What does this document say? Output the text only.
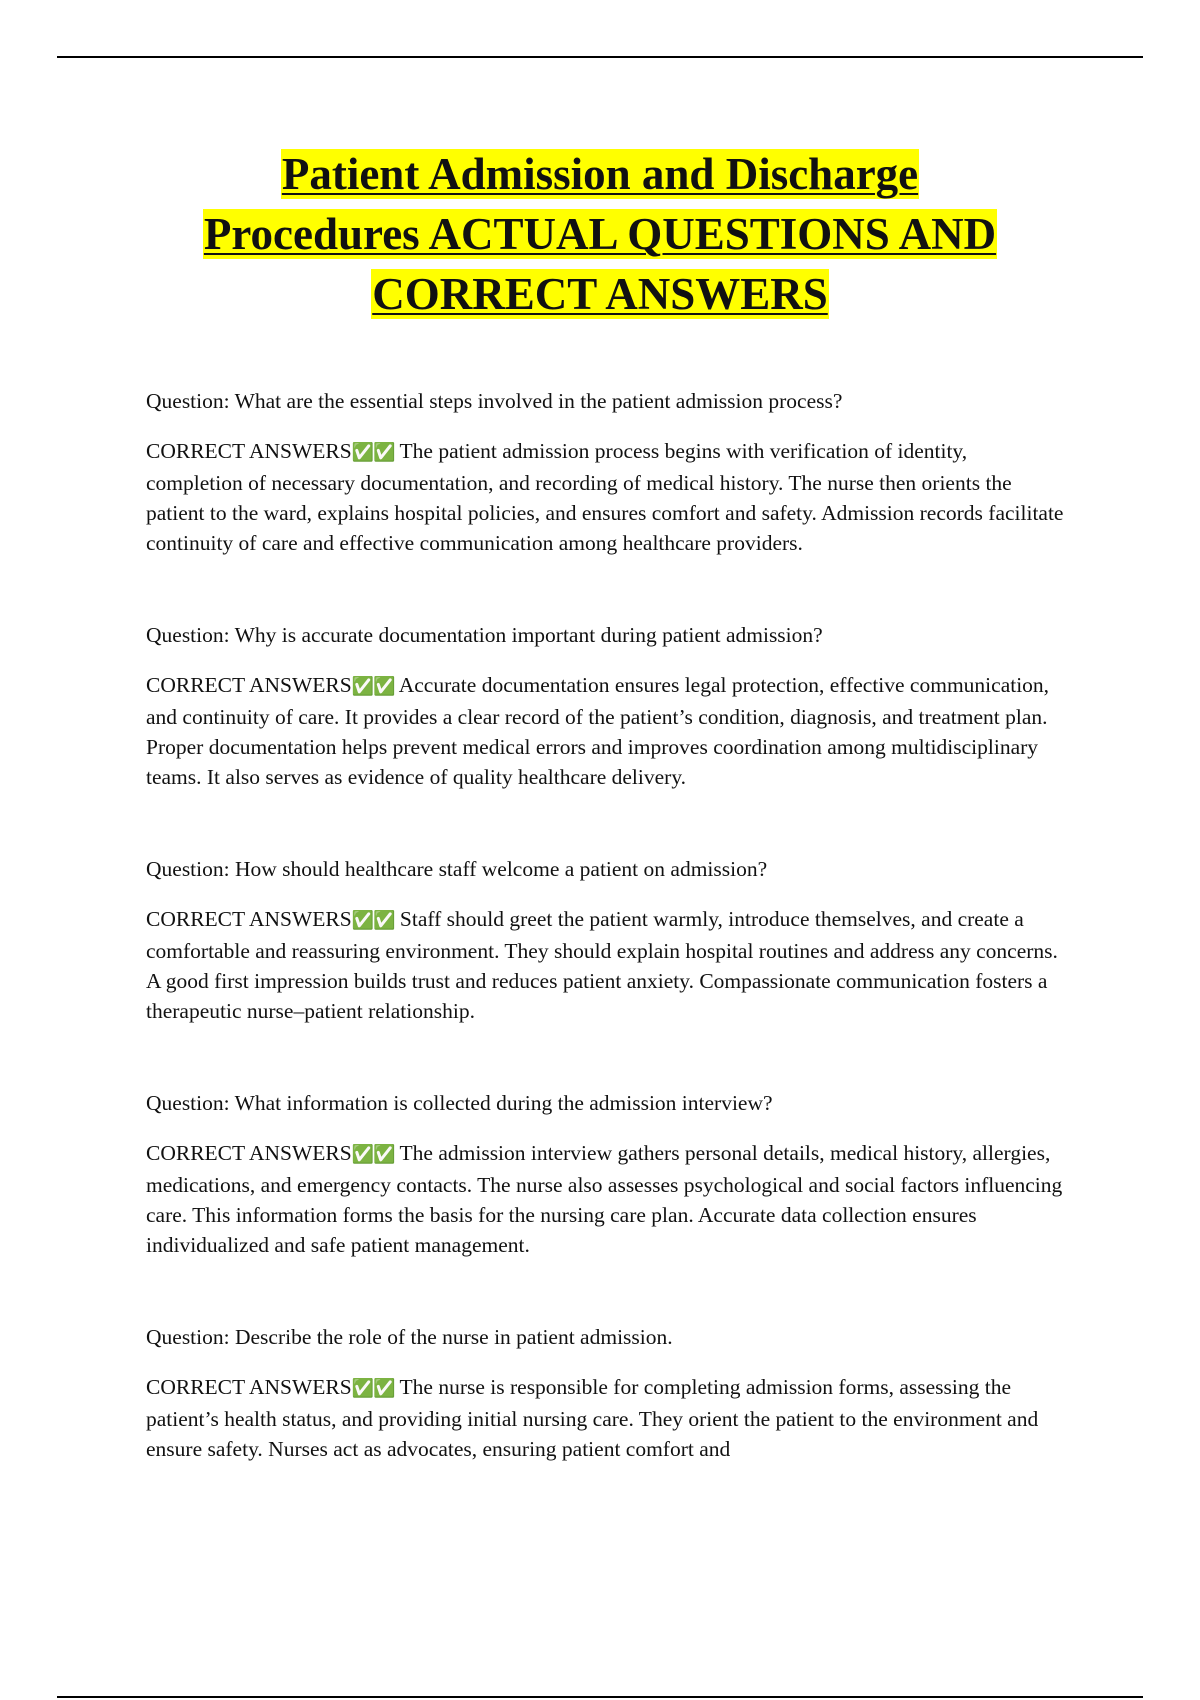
Patient Admission and Discharge
Procedures ACTUAL QUESTIONS AND
CORRECT ANSWERS

Question: What are the essential steps involved in the patient admission process?

CORRECT ANSWERS✅✅ The patient admission process begins with verification of identity, completion of necessary documentation, and recording of medical history. The nurse then orients the patient to the ward, explains hospital policies, and ensures comfort and safety. Admission records facilitate continuity of care and effective communication among healthcare providers.

Question: Why is accurate documentation important during patient admission?

CORRECT ANSWERS✅✅ Accurate documentation ensures legal protection, effective communication, and continuity of care. It provides a clear record of the patient’s condition, diagnosis, and treatment plan. Proper documentation helps prevent medical errors and improves coordination among multidisciplinary teams. It also serves as evidence of quality healthcare delivery.

Question: How should healthcare staff welcome a patient on admission?

CORRECT ANSWERS✅✅ Staff should greet the patient warmly, introduce themselves, and create a comfortable and reassuring environment. They should explain hospital routines and address any concerns. A good first impression builds trust and reduces patient anxiety. Compassionate communication fosters a therapeutic nurse–patient relationship.

Question: What information is collected during the admission interview?

CORRECT ANSWERS✅✅ The admission interview gathers personal details, medical history, allergies, medications, and emergency contacts. The nurse also assesses psychological and social factors influencing care. This information forms the basis for the nursing care plan. Accurate data collection ensures individualized and safe patient management.

Question: Describe the role of the nurse in patient admission.

CORRECT ANSWERS✅✅ The nurse is responsible for completing admission forms, assessing the patient’s health status, and providing initial nursing care. They orient the patient to the environment and ensure safety. Nurses act as advocates, ensuring patient comfort and
